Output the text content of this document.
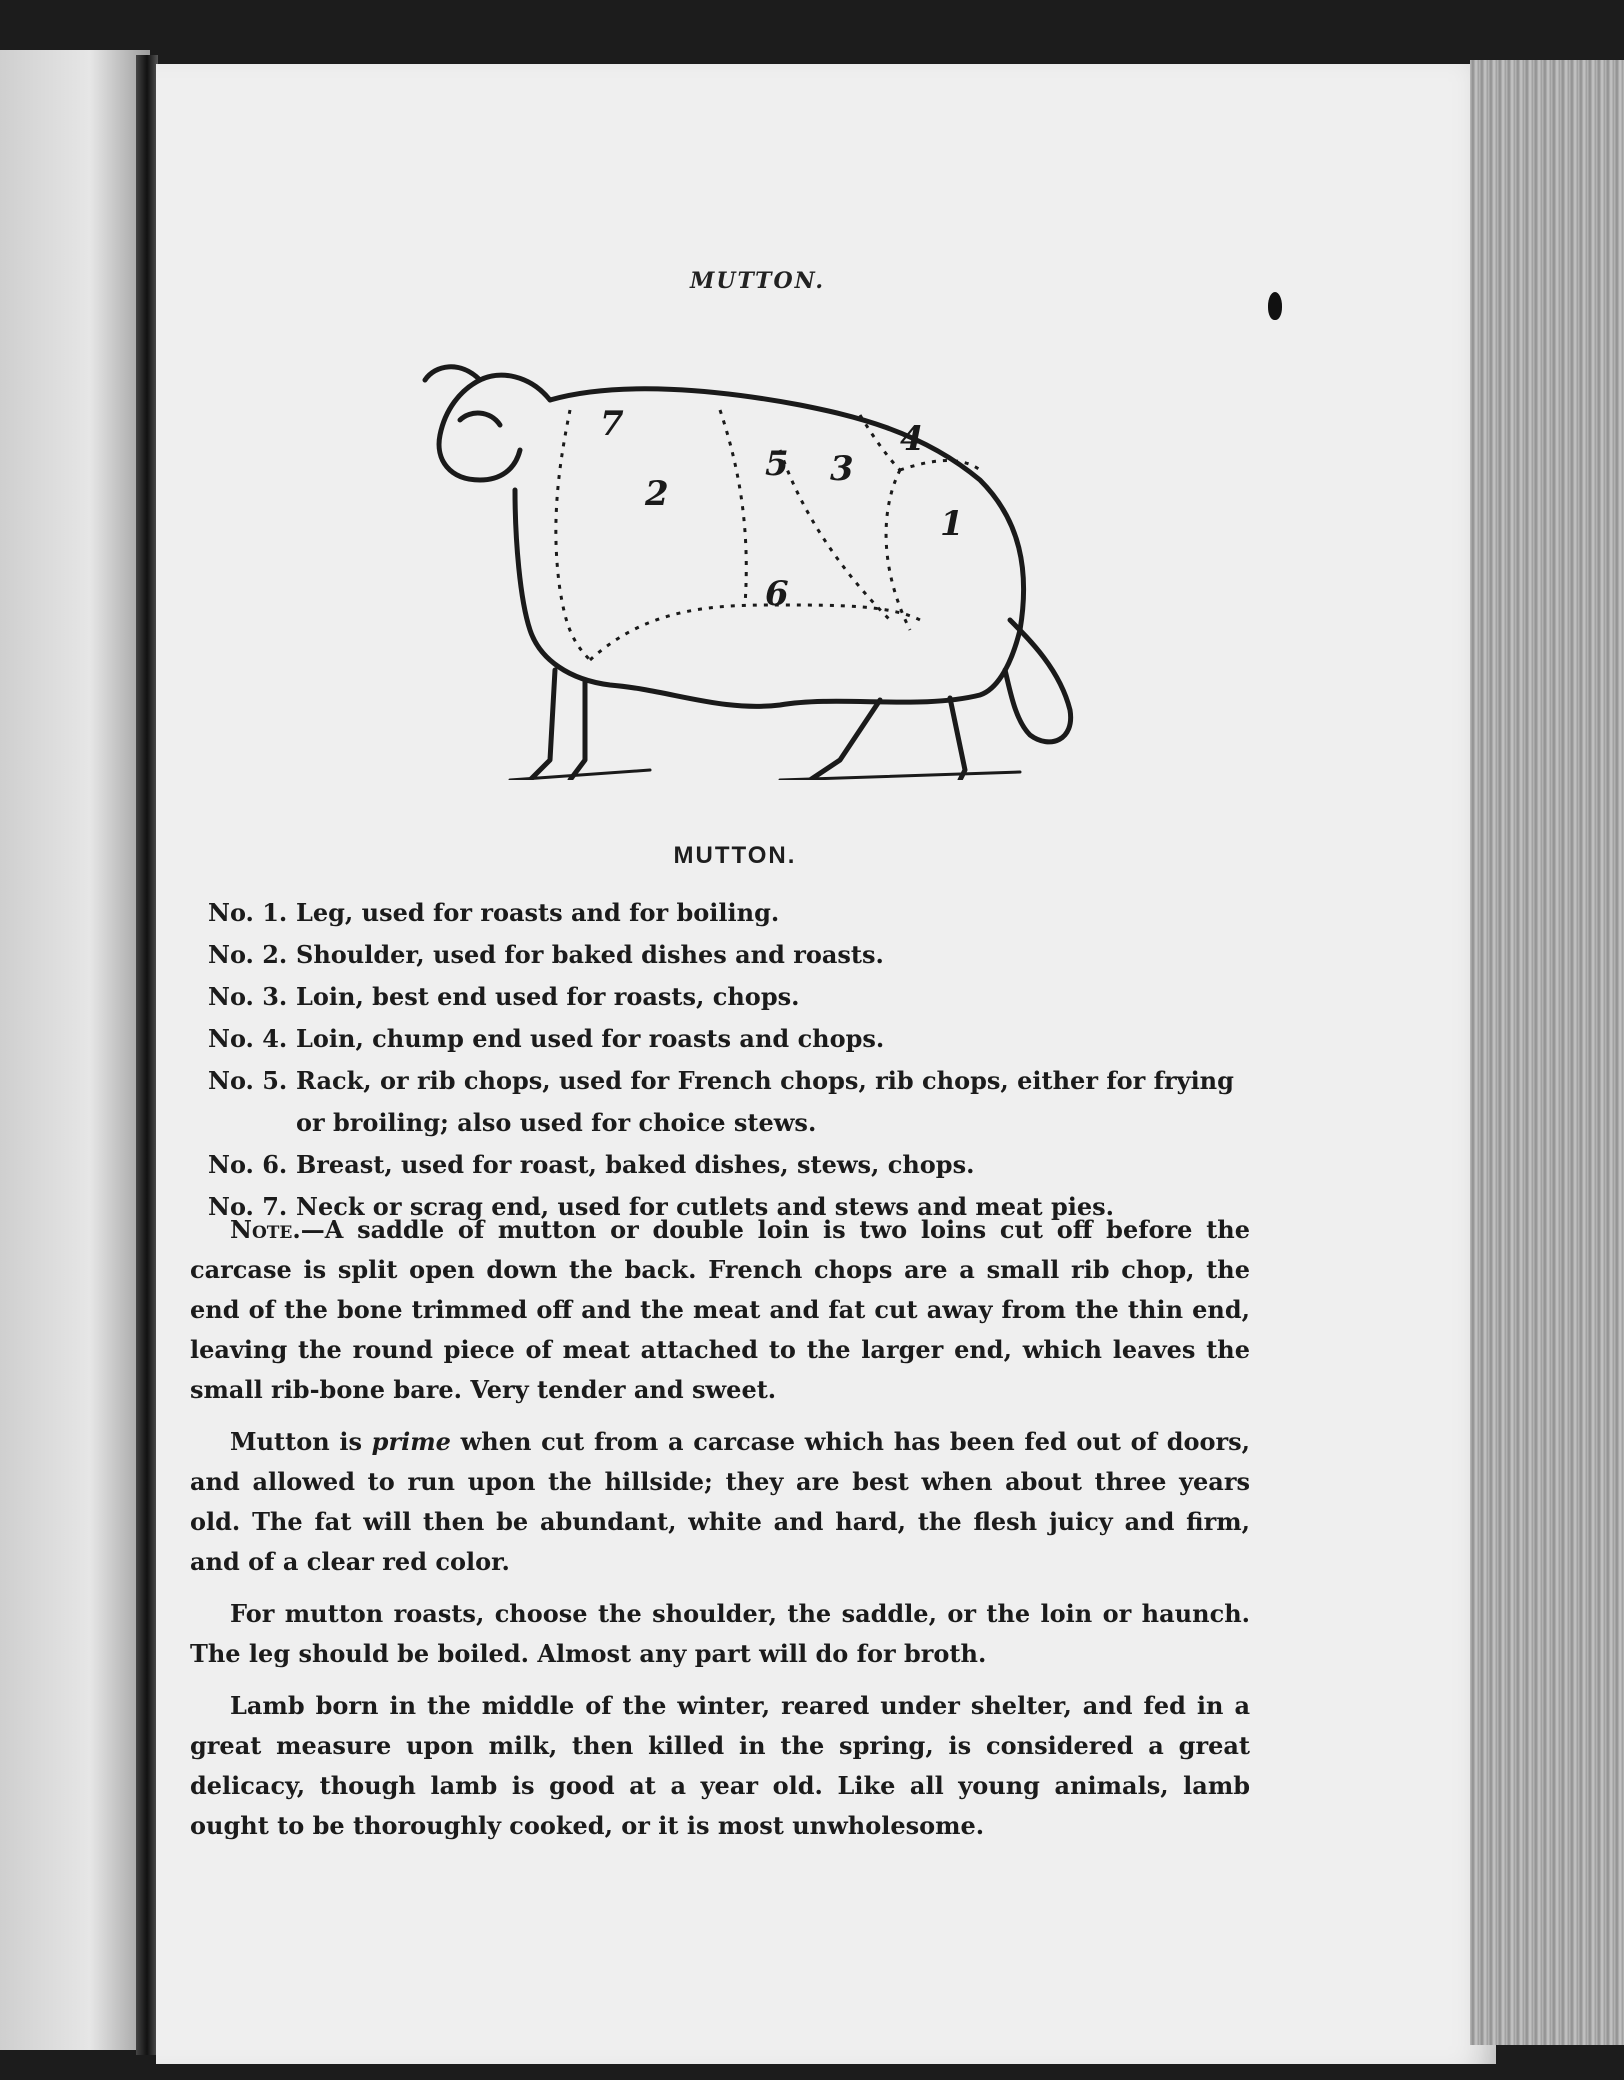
MUTTON.
7
2
5 3
4
1
6
MUTTON.
No. 1. Leg, used for roasts and for boiling.
No. 2. Shoulder, used for baked dishes and roasts.
No. 3. Loin, best end used for roasts, chops.
No. 4. Loin, chump end used for roasts and chops.
No. 5. Rack, or rib chops, used for French chops, rib chops, either for frying or broiling; also used for choice stews.
No. 6. Breast, used for roast, baked dishes, stews, chops.
No. 7. Neck or scrag end, used for cutlets and stews and meat pies.

Note.—A saddle of mutton or double loin is two loins cut off before the carcase is split open down the back. French chops are a small rib chop, the end of the bone trimmed off and the meat and fat cut away from the thin end, leaving the round piece of meat attached to the larger end, which leaves the small rib-bone bare. Very tender and sweet.

Mutton is prime when cut from a carcase which has been fed out of doors, and allowed to run upon the hillside; they are best when about three years old. The fat will then be abundant, white and hard, the flesh juicy and firm, and of a clear red color.

For mutton roasts, choose the shoulder, the saddle, or the loin or haunch. The leg should be boiled. Almost any part will do for broth.

Lamb born in the middle of the winter, reared under shelter, and fed in a great measure upon milk, then killed in the spring, is considered a great delicacy, though lamb is good at a year old. Like all young animals, lamb ought to be thoroughly cooked, or it is most unwholesome.
